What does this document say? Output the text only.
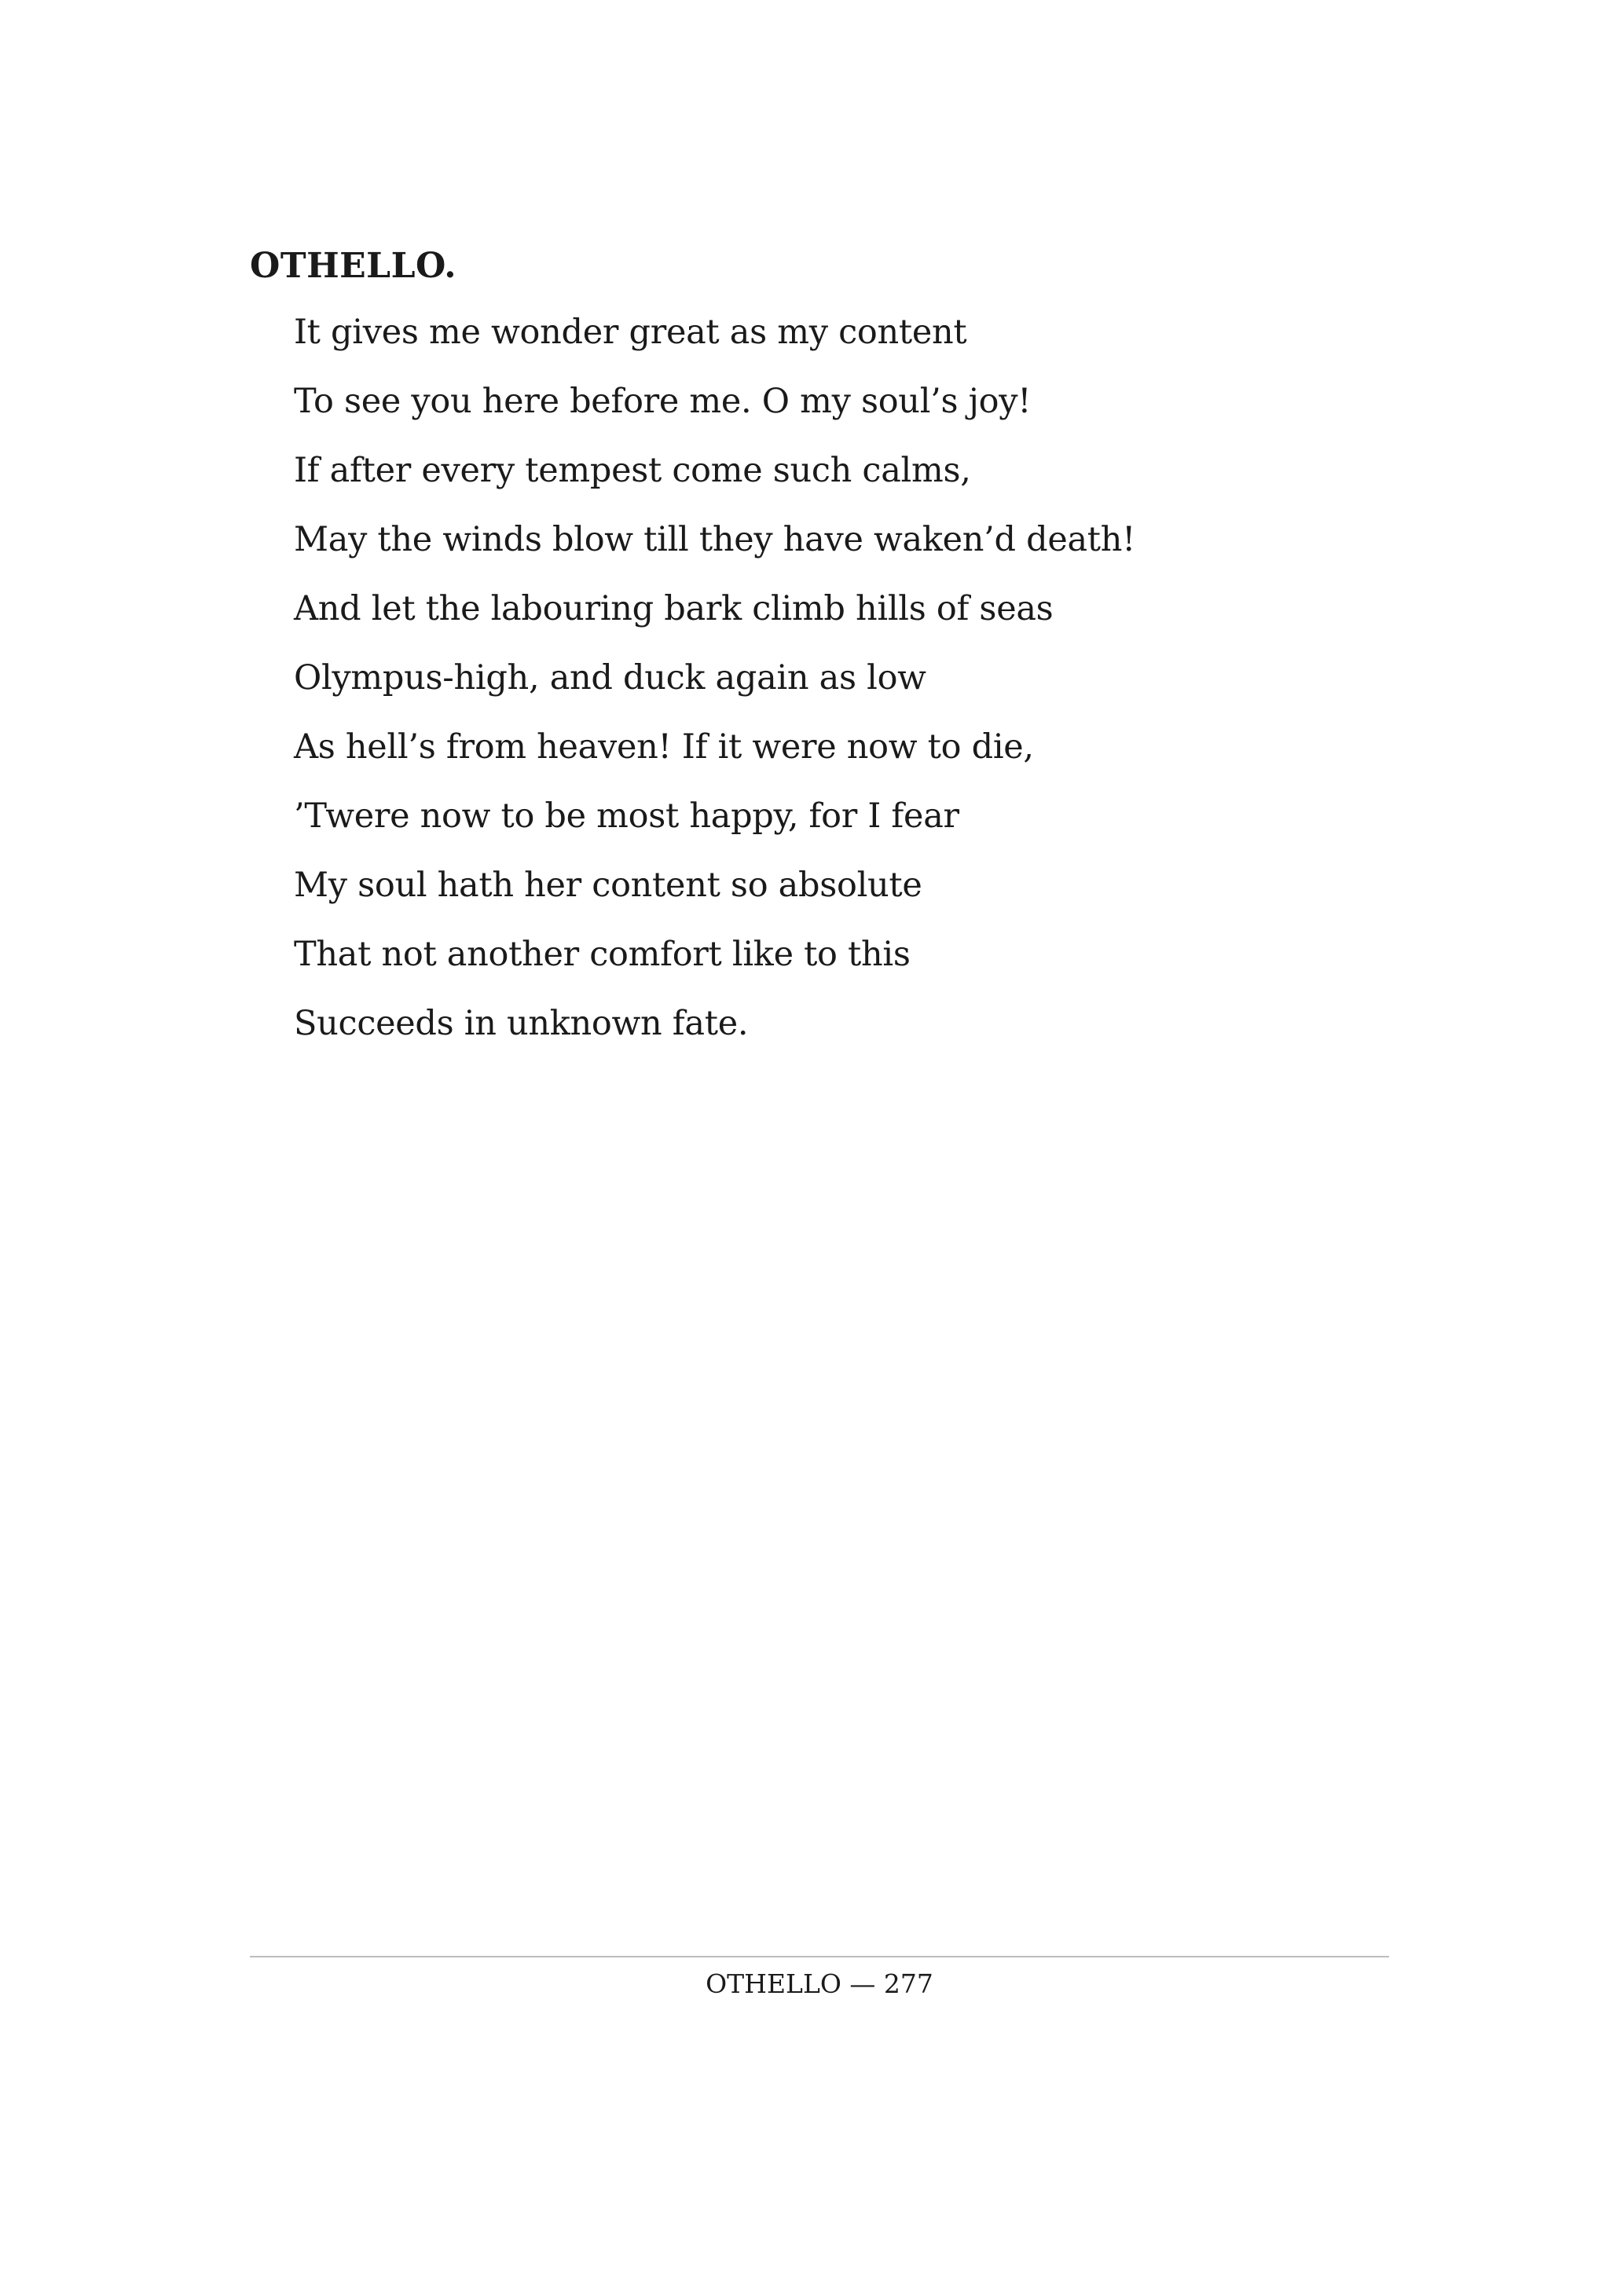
OTHELLO.
It gives me wonder great as my content
To see you here before me. O my soul’s joy!
If after every tempest come such calms,
May the winds blow till they have waken’d death!
And let the labouring bark climb hills of seas
Olympus-high, and duck again as low
As hell’s from heaven! If it were now to die,
’Twere now to be most happy, for I fear
My soul hath her content so absolute
That not another comfort like to this
Succeeds in unknown fate.
OTHELLO — 277
